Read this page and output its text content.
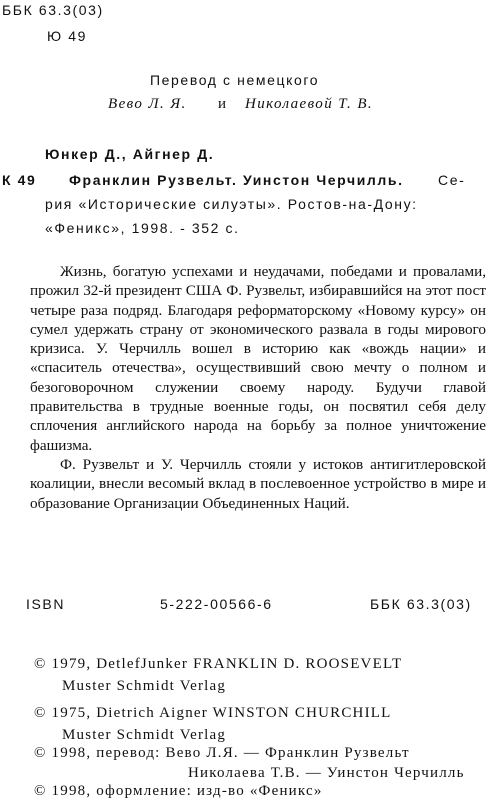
ББК 63.3(03)
Ю 49
Перевод с немецкого
Вево Л. Я. и Николаевой Т. В.
Юнкер Д., Айгнер Д.
К 49 Франклин Рузвельт. Уинстон Черчилль. Се-
рия «Исторические силуэты». Ростов-на-Дону:
«Феникс», 1998. - 352 с.

Жизнь, богатую успехами и неудачами, победами и провалами, прожил 32-й президент США Ф. Рузвельт, избиравшийся на этот пост четыре раза подряд. Благодаря реформаторскому «Новому курсу» он сумел удержать страну от экономического развала в годы мирового кризиса. У. Черчилль вошел в историю как «вождь нации» и «спаситель отечества», осуществивший свою мечту о полном и безоговорочном служении своему народу. Будучи главой правительства в трудные военные годы, он посвятил себя делу сплочения английского народа на борьбу за полное уничтожение фашизма.

Ф. Рузвельт и У. Черчилль стояли у истоков антигитлеровской коалиции, внесли весомый вклад в послевоенное устройство в мире и образование Организации Объединенных Наций.

ISBN	5-222-00566-6	ББК 63.3(03)
© 1979, DetlefJunker FRANKLIN D. ROOSEVELT
Muster Schmidt Verlag
© 1975, Dietrich Aigner WINSTON CHURCHILL
Muster Schmidt Verlag
© 1998, перевод: Вево Л.Я. — Франклин Рузвельт
Николаева Т.В. — Уинстон Черчилль
© 1998, оформление: изд-во «Феникс»
